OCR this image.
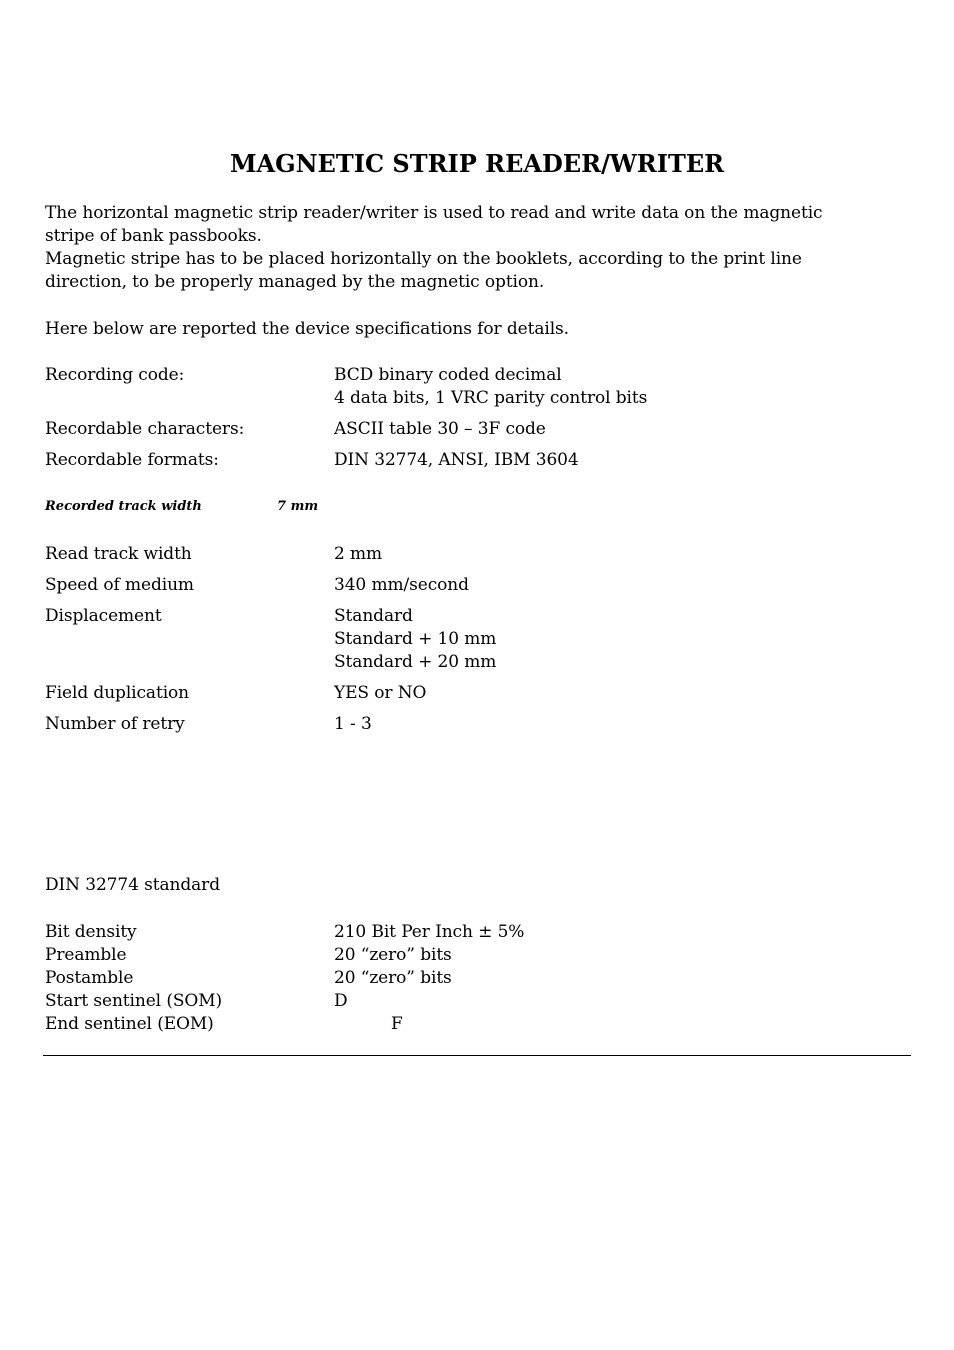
MAGNETIC STRIP READER/WRITER
The horizontal magnetic strip reader/writer is used to read and write data on the magnetic
stripe of bank passbooks.
Magnetic stripe has to be placed horizontally on the booklets, according to the print line
direction, to be properly managed by the magnetic option.
Here below are reported the device specifications for details.
Recording code:	BCD binary coded decimal
4 data bits, 1 VRC parity control bits
Recordable characters:	ASCII table 30 – 3F code
Recordable formats:	DIN 32774, ANSI, IBM 3604
Recorded track width	7 mm
Read track width	2 mm
Speed of medium	340 mm/second
Displacement	Standard
Standard + 10 mm
Standard + 20 mm
Field duplication	YES or NO
Number of retry	1 - 3
DIN 32774 standard
Bit density	210 Bit Per Inch ± 5%
Preamble	20 “zero” bits
Postamble	20 “zero” bits
Start sentinel (SOM)	D
End sentinel (EOM)	F
